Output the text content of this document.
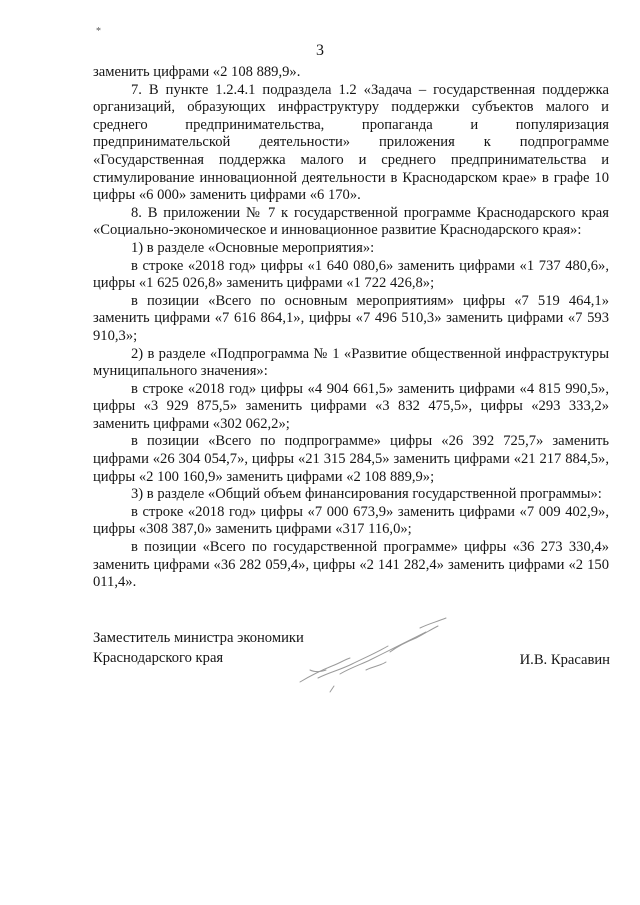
*
3

заменить цифрами «2 108 889,9».

7. В пункте 1.2.4.1 подраздела 1.2 «Задача – государственная поддержка организаций, образующих инфраструктуру поддержки субъектов малого и среднего предпринимательства, пропаганда и популяризация предпринимательской деятельности» приложения к подпрограмме «Государственная поддержка малого и среднего предпринимательства и стимулирование инновационной деятельности в Краснодарском крае» в графе 10 цифры «6 000» заменить цифрами «6 170».

8. В приложении № 7 к государственной программе Краснодарского края «Социально-экономическое и инновационное развитие Краснодарского края»:

1) в разделе «Основные мероприятия»:

в строке «2018 год» цифры «1 640 080,6» заменить цифрами «1 737 480,6», цифры «1 625 026,8» заменить цифрами «1 722 426,8»;

в позиции «Всего по основным мероприятиям» цифры «7 519 464,1» заменить цифрами «7 616 864,1», цифры «7 496 510,3» заменить цифрами «7 593 910,3»;

2) в разделе «Подпрограмма № 1 «Развитие общественной инфраструктуры муниципального значения»:

в строке «2018 год» цифры «4 904 661,5» заменить цифрами «4 815 990,5», цифры «3 929 875,5» заменить цифрами «3 832 475,5», цифры «293 333,2» заменить цифрами «302 062,2»;

в позиции «Всего по подпрограмме» цифры «26 392 725,7» заменить цифрами «26 304 054,7», цифры «21 315 284,5» заменить цифрами «21 217 884,5», цифры «2 100 160,9» заменить цифрами «2 108 889,9»;

3) в разделе «Общий объем финансирования государственной программы»:

в строке «2018 год» цифры «7 000 673,9» заменить цифрами «7 009 402,9», цифры «308 387,0» заменить цифрами «317 116,0»;

в позиции «Всего по государственной программе» цифры «36 273 330,4» заменить цифрами «36 282 059,4», цифры «2 141 282,4» заменить цифрами «2 150 011,4».

Заместитель министра экономики
Краснодарского края	И.В. Красавин
